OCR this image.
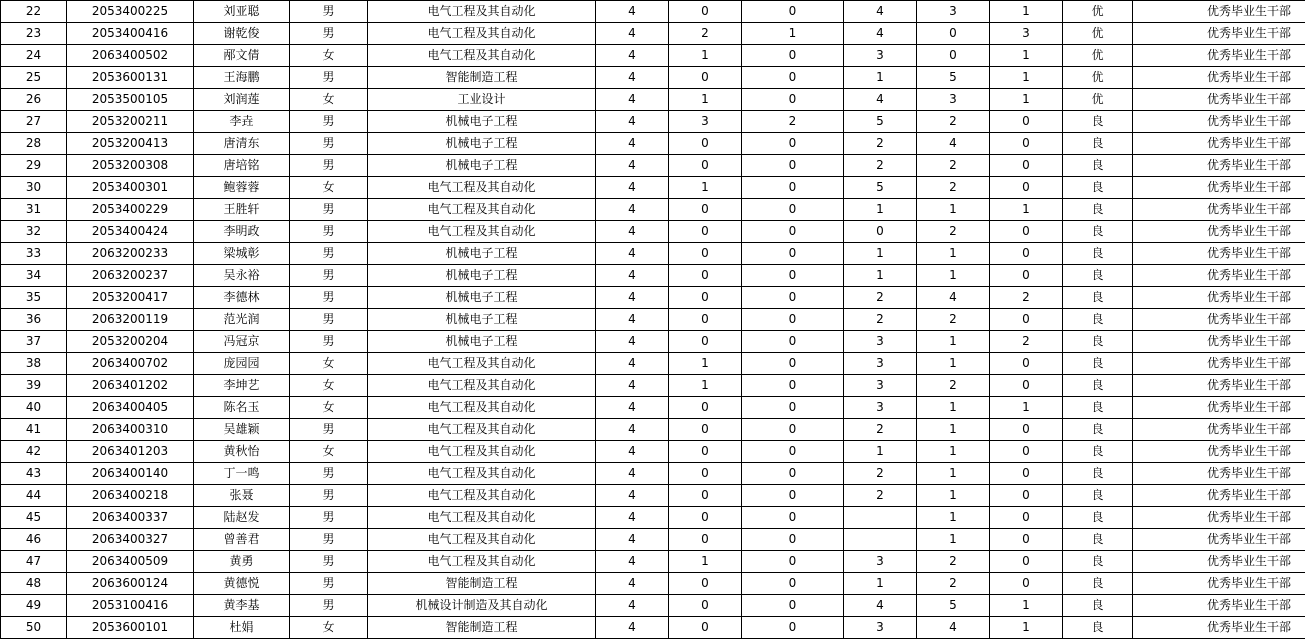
22	2053400225	刘亚聪	男	电气工程及其自动化	4	0	0	4	3	1	优	优秀毕业生干部
23	2053400416	谢乾俊	男	电气工程及其自动化	4	2	1	4	0	3	优	优秀毕业生干部
24	2063400502	邴文倩	女	电气工程及其自动化	4	1	0	3	0	1	优	优秀毕业生干部
25	2053600131	王海鹏	男	智能制造工程	4	0	0	1	5	1	优	优秀毕业生干部
26	2053500105	刘润莲	女	工业设计	4	1	0	4	3	1	优	优秀毕业生干部
27	2053200211	李垚	男	机械电子工程	4	3	2	5	2	0	良	优秀毕业生干部
28	2053200413	唐清东	男	机械电子工程	4	0	0	2	4	0	良	优秀毕业生干部
29	2053200308	唐培铭	男	机械电子工程	4	0	0	2	2	0	良	优秀毕业生干部
30	2053400301	鲍蓉蓉	女	电气工程及其自动化	4	1	0	5	2	0	良	优秀毕业生干部
31	2053400229	王胜轩	男	电气工程及其自动化	4	0	0	1	1	1	良	优秀毕业生干部
32	2053400424	李明政	男	电气工程及其自动化	4	0	0	0	2	0	良	优秀毕业生干部
33	2063200233	梁城彰	男	机械电子工程	4	0	0	1	1	0	良	优秀毕业生干部
34	2063200237	吴永裕	男	机械电子工程	4	0	0	1	1	0	良	优秀毕业生干部
35	2053200417	李德林	男	机械电子工程	4	0	0	2	4	2	良	优秀毕业生干部
36	2063200119	范光润	男	机械电子工程	4	0	0	2	2	0	良	优秀毕业生干部
37	2053200204	冯冠京	男	机械电子工程	4	0	0	3	1	2	良	优秀毕业生干部
38	2063400702	庞园园	女	电气工程及其自动化	4	1	0	3	1	0	良	优秀毕业生干部
39	2063401202	李坤艺	女	电气工程及其自动化	4	1	0	3	2	0	良	优秀毕业生干部
40	2063400405	陈名玉	女	电气工程及其自动化	4	0	0	3	1	1	良	优秀毕业生干部
41	2063400310	吴雄颖	男	电气工程及其自动化	4	0	0	2	1	0	良	优秀毕业生干部
42	2063401203	黄秋怡	女	电气工程及其自动化	4	0	0	1	1	0	良	优秀毕业生干部
43	2063400140	丁一鸣	男	电气工程及其自动化	4	0	0	2	1	0	良	优秀毕业生干部
44	2063400218	张聂	男	电气工程及其自动化	4	0	0	2	1	0	良	优秀毕业生干部
45	2063400337	陆赵发	男	电气工程及其自动化	4	0	0		1	0	良	优秀毕业生干部
46	2063400327	曾善君	男	电气工程及其自动化	4	0	0		1	0	良	优秀毕业生干部
47	2063400509	黄勇	男	电气工程及其自动化	4	1	0	3	2	0	良	优秀毕业生干部
48	2063600124	黄德悦	男	智能制造工程	4	0	0	1	2	0	良	优秀毕业生干部
49	2053100416	黄李基	男	机械设计制造及其自动化	4	0	0	4	5	1	良	优秀毕业生干部
50	2053600101	杜娟	女	智能制造工程	4	0	0	3	4	1	良	优秀毕业生干部
